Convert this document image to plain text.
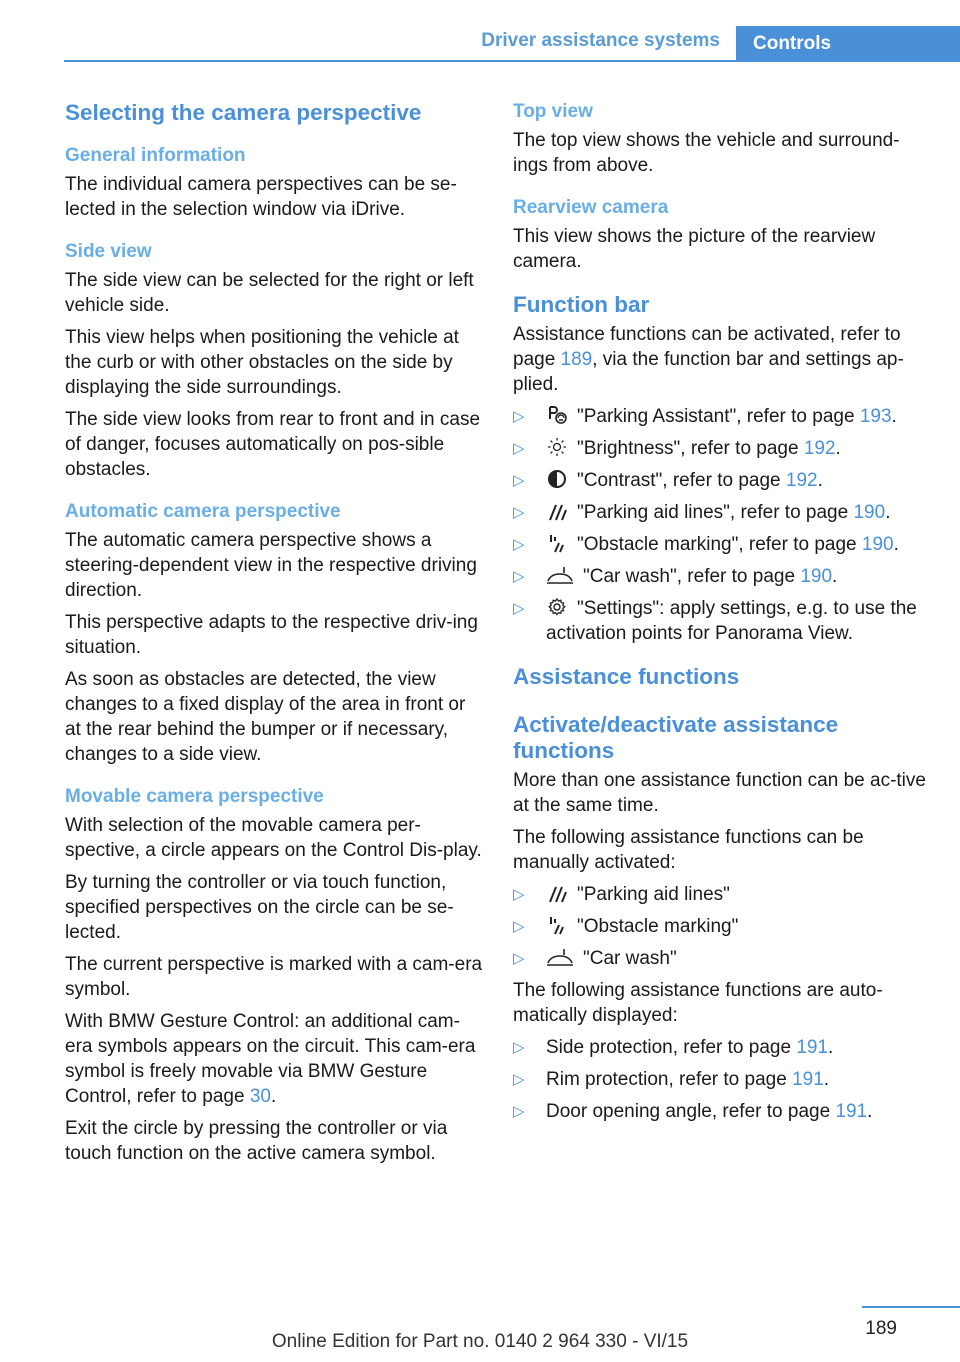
Driver assistance systems	Controls
Selecting the camera perspective
General information
The individual camera perspectives can be se‐lected in the selection window via iDrive.
Side view
The side view can be selected for the right or left vehicle side.
This view helps when positioning the vehicle at the curb or with other obstacles on the side by displaying the side surroundings.
The side view looks from rear to front and in case of danger, focuses automatically on pos‐sible obstacles.
Automatic camera perspective
The automatic camera perspective shows a steering-dependent view in the respective driving direction.
This perspective adapts to the respective driv‐ing situation.
As soon as obstacles are detected, the view changes to a fixed display of the area in front or at the rear behind the bumper or if necessary, changes to a side view.
Movable camera perspective
With selection of the movable camera per‐spective, a circle appears on the Control Dis‐play.
By turning the controller or via touch function, specified perspectives on the circle can be se‐lected.
The current perspective is marked with a cam‐era symbol.
With BMW Gesture Control: an additional cam‐era symbols appears on the circuit. This cam‐era symbol is freely movable via BMW Gesture Control, refer to page 30.
Exit the circle by pressing the controller or via touch function on the active camera symbol.
Top view
The top view shows the vehicle and surround‐ings from above.
Rearview camera
This view shows the picture of the rearview camera.
Function bar
Assistance functions can be activated, refer to page 189, via the function bar and settings ap‐plied.
▷ "Parking Assistant", refer to page 193.
▷ "Brightness", refer to page 192.
▷ "Contrast", refer to page 192.
▷ "Parking aid lines", refer to page 190.
▷ "Obstacle marking", refer to page 190.
▷ "Car wash", refer to page 190.
▷ "Settings": apply settings, e.g. to use the activation points for Panorama View.
Assistance functions
Activate/deactivate assistance functions
More than one assistance function can be ac‐tive at the same time.
The following assistance functions can be manually activated:
▷ "Parking aid lines"
▷ "Obstacle marking"
▷ "Car wash"
The following assistance functions are auto‐matically displayed:
▷ Side protection, refer to page 191.
▷ Rim protection, refer to page 191.
▷ Door opening angle, refer to page 191.
189
Online Edition for Part no. 0140 2 964 330 - VI/15
